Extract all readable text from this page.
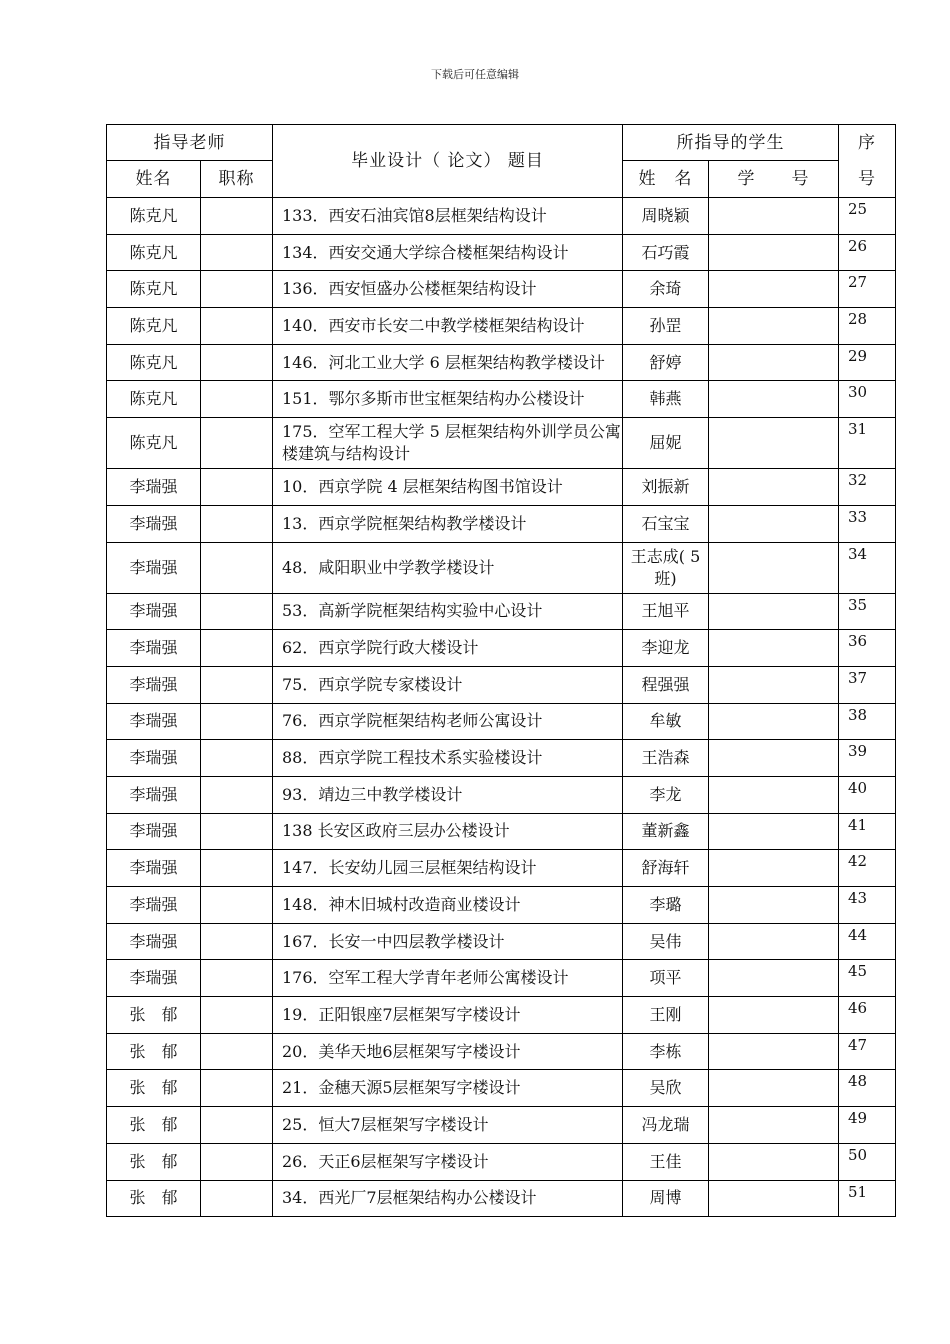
下载后可任意编辑
指导老师		毕业设计（ 论文） 题目	所指导的学生		序
号

姓名	职称		姓　名	学　　号	
陈克凡		133．西安石油宾馆8层框架结构设计	周晓颖		25
陈克凡		134．西安交通大学综合楼框架结构设计	石巧霞		26
陈克凡		136．西安恒盛办公楼框架结构设计	余琦		27
陈克凡		140．西安市长安二中教学楼框架结构设计	孙罡		28
陈克凡		146．河北工业大学 6 层框架结构教学楼设计	舒婷		29
陈克凡		151．鄂尔多斯市世宝框架结构办公楼设计	韩燕		30
陈克凡		175．空军工程大学 5 层框架结构外训学员公寓楼建筑与结构设计	屈妮		31
李瑞强		10．西京学院 4 层框架结构图书馆设计	刘振新		32
李瑞强		13．西京学院框架结构教学楼设计	石宝宝		33
李瑞强		48．咸阳职业中学教学楼设计	王志成( 5 班)		34
李瑞强		53．高新学院框架结构实验中心设计	王旭平		35
李瑞强		62．西京学院行政大楼设计	李迎龙		36
李瑞强		75．西京学院专家楼设计	程强强		37
李瑞强		76．西京学院框架结构老师公寓设计	牟敏		38
李瑞强		88．西京学院工程技术系实验楼设计	王浩森		39
李瑞强		93．靖边三中教学楼设计	李龙		40
李瑞强		138 长安区政府三层办公楼设计	董新鑫		41
李瑞强		147．长安幼儿园三层框架结构设计	舒海轩		42
李瑞强		148．神木旧城村改造商业楼设计	李璐		43
李瑞强		167．长安一中四层教学楼设计	吴伟		44
李瑞强		176．空军工程大学青年老师公寓楼设计	项平		45
张　郁		19．正阳银座7层框架写字楼设计	王刚		46
张　郁		20．美华天地6层框架写字楼设计	李栋		47
张　郁		21．金穗天源5层框架写字楼设计	吴欣		48
张　郁		25．恒大7层框架写字楼设计	冯龙瑞		49
张　郁		26．天正6层框架写字楼设计	王佳		50
张　郁		34．西光厂7层框架结构办公楼设计	周博		51
